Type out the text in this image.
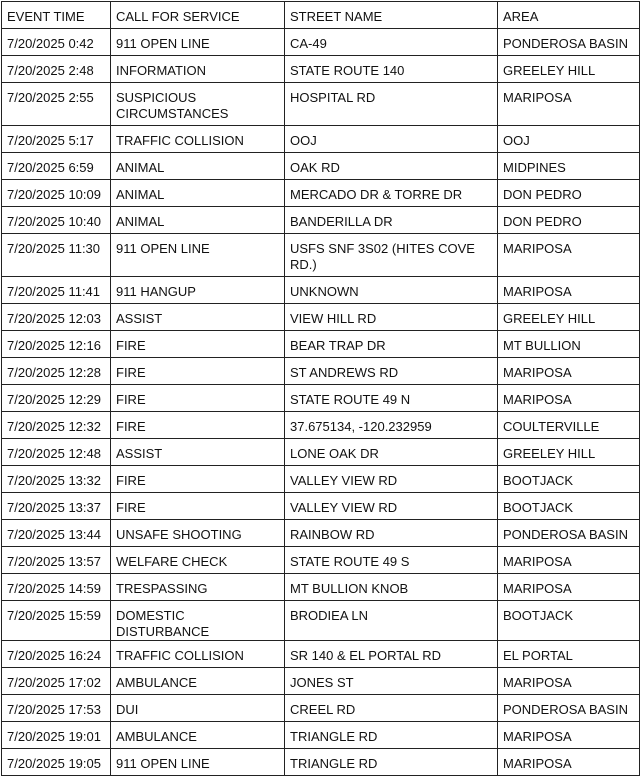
EVENT TIME	CALL FOR SERVICE	STREET NAME	AREA
7/20/2025 0:42	911 OPEN LINE	CA-49	PONDEROSA BASIN
7/20/2025 2:48	INFORMATION	STATE ROUTE 140	GREELEY HILL
7/20/2025 2:55	SUSPICIOUS CIRCUMSTANCES	HOSPITAL RD	MARIPOSA
7/20/2025 5:17	TRAFFIC COLLISION	OOJ	OOJ
7/20/2025 6:59	ANIMAL	OAK RD	MIDPINES
7/20/2025 10:09	ANIMAL	MERCADO DR & TORRE DR	DON PEDRO
7/20/2025 10:40	ANIMAL	BANDERILLA DR	DON PEDRO
7/20/2025 11:30	911 OPEN LINE	USFS SNF 3S02 (HITES COVE RD.)	MARIPOSA
7/20/2025 11:41	911 HANGUP	UNKNOWN	MARIPOSA
7/20/2025 12:03	ASSIST	VIEW HILL RD	GREELEY HILL
7/20/2025 12:16	FIRE	BEAR TRAP DR	MT BULLION
7/20/2025 12:28	FIRE	ST ANDREWS RD	MARIPOSA
7/20/2025 12:29	FIRE	STATE ROUTE 49 N	MARIPOSA
7/20/2025 12:32	FIRE	37.675134, -120.232959	COULTERVILLE
7/20/2025 12:48	ASSIST	LONE OAK DR	GREELEY HILL
7/20/2025 13:32	FIRE	VALLEY VIEW RD	BOOTJACK
7/20/2025 13:37	FIRE	VALLEY VIEW RD	BOOTJACK
7/20/2025 13:44	UNSAFE SHOOTING	RAINBOW RD	PONDEROSA BASIN
7/20/2025 13:57	WELFARE CHECK	STATE ROUTE 49 S	MARIPOSA
7/20/2025 14:59	TRESPASSING	MT BULLION KNOB	MARIPOSA
7/20/2025 15:59	DOMESTIC DISTURBANCE	BRODIEA LN	BOOTJACK
7/20/2025 16:24	TRAFFIC COLLISION	SR 140 & EL PORTAL RD	EL PORTAL
7/20/2025 17:02	AMBULANCE	JONES ST	MARIPOSA
7/20/2025 17:53	DUI	CREEL RD	PONDEROSA BASIN
7/20/2025 19:01	AMBULANCE	TRIANGLE RD	MARIPOSA
7/20/2025 19:05	911 OPEN LINE	TRIANGLE RD	MARIPOSA
